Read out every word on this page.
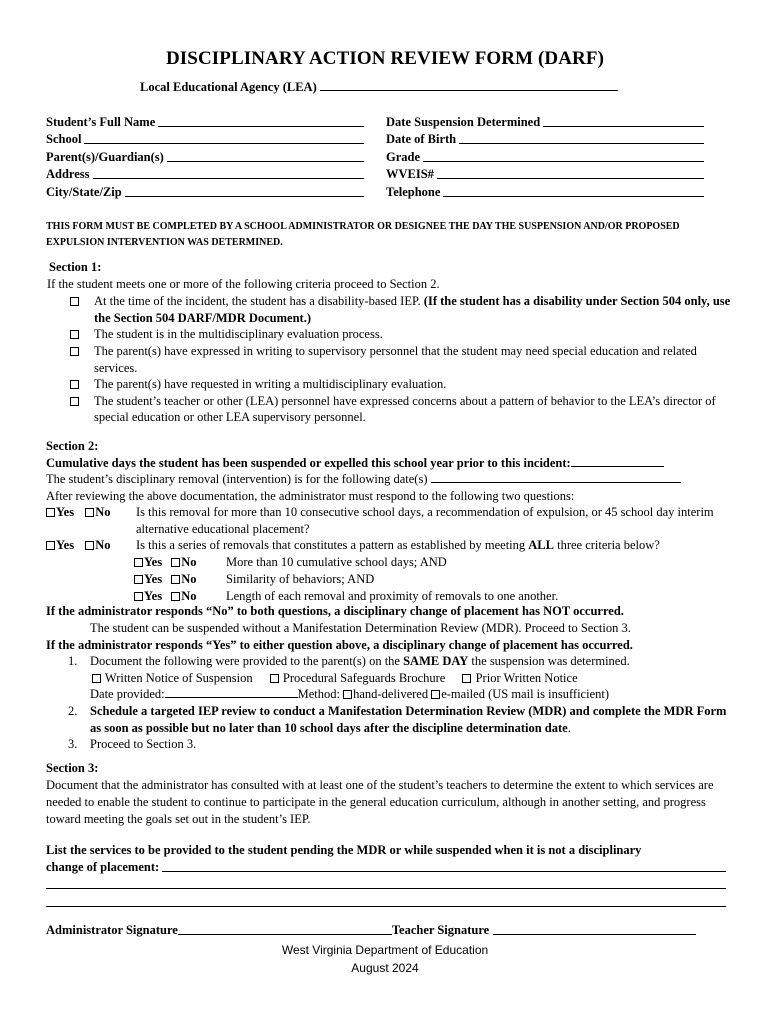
DISCIPLINARY ACTION REVIEW FORM (DARF)
Local Educational Agency (LEA)
Student’s Full Name
School
Parent(s)/Guardian(s)
Address
City/State/Zip
Date Suspension Determined
Date of Birth
Grade
WVEIS#
Telephone
THIS FORM MUST BE COMPLETED BY A SCHOOL ADMINISTRATOR OR DESIGNEE THE DAY THE SUSPENSION AND/OR PROPOSED EXPULSION INTERVENTION WAS DETERMINED.
Section 1:
If the student meets one or more of the following criteria proceed to Section 2.
At the time of the incident, the student has a disability-based IEP. (If the student has a disability under Section 504 only, use the Section 504 DARF/MDR Document.)
The student is in the multidisciplinary evaluation process.
The parent(s) have expressed in writing to supervisory personnel that the student may need special education and related services.
The parent(s) have requested in writing a multidisciplinary evaluation.
The student’s teacher or other (LEA) personnel have expressed concerns about a pattern of behavior to the LEA’s director of special education or other LEA supervisory personnel.
Section 2:
Cumulative days the student has been suspended or expelled this school year prior to this incident:
The student’s disciplinary removal (intervention) is for the following date(s)
After reviewing the above documentation, the administrator must respond to the following two questions:
Yes No Is this removal for more than 10 consecutive school days, a recommendation of expulsion, or 45 school day interim alternative educational placement?
Yes No Is this a series of removals that constitutes a pattern as established by meeting ALL three criteria below?
Yes No
Yes No
Yes No
More than 10 cumulative school days; AND
Similarity of behaviors; AND
Length of each removal and proximity of removals to one another.
If the administrator responds “No” to both questions, a disciplinary change of placement has NOT occurred.
The student can be suspended without a Manifestation Determination Review (MDR). Proceed to Section 3.
If the administrator responds “Yes” to either question above, a disciplinary change of placement has occurred.
1. Document the following were provided to the parent(s) on the SAME DAY the suspension was determined.
Written Notice of Suspension Procedural Safeguards Brochure Prior Written Notice
Date provided:	Method: hand-delivered e-mailed (US mail is insufficient)
2. Schedule a targeted IEP review to conduct a Manifestation Determination Review (MDR) and complete the MDR Form as soon as possible but no later than 10 school days after the discipline determination date.
3. Proceed to Section 3.
Section 3:
Document that the administrator has consulted with at least one of the student’s teachers to determine the extent to which services are needed to enable the student to continue to participate in the general education curriculum, although in another setting, and progress toward meeting the goals set out in the student’s IEP.
List the services to be provided to the student pending the MDR or while suspended when it is not a disciplinary
change of placement:
Administrator Signature	Teacher Signature
West Virginia Department of Education
August 2024
